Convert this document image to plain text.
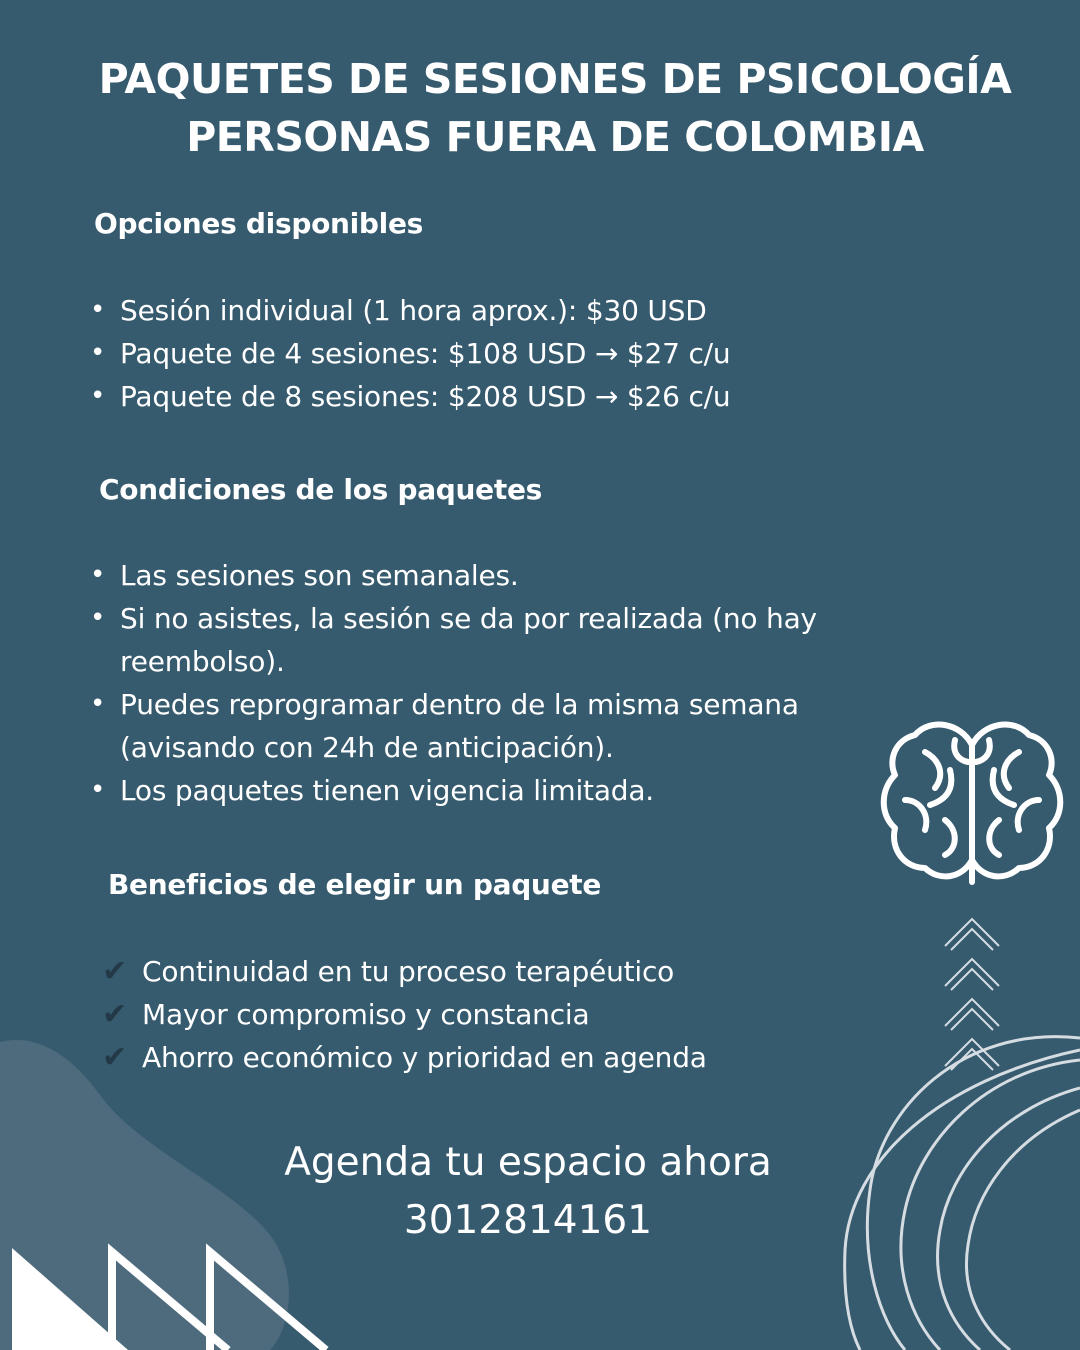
PAQUETES DE SESIONES DE PSICOLOGÍA
PERSONAS FUERA DE COLOMBIA
Opciones disponibles
• Sesión individual (1 hora aprox.): $30 USD
• Paquete de 4 sesiones: $108 USD → $27 c/u
• Paquete de 8 sesiones: $208 USD → $26 c/u
Condiciones de los paquetes
• Las sesiones son semanales.
• Si no asistes, la sesión se da por realizada (no hay reembolso).
• Puedes reprogramar dentro de la misma semana (avisando con 24h de anticipación).
• Los paquetes tienen vigencia limitada.
Beneficios de elegir un paquete
✔ Continuidad en tu proceso terapéutico
✔ Mayor compromiso y constancia
✔ Ahorro económico y prioridad en agenda

Agenda tu espacio ahora

3012814161
